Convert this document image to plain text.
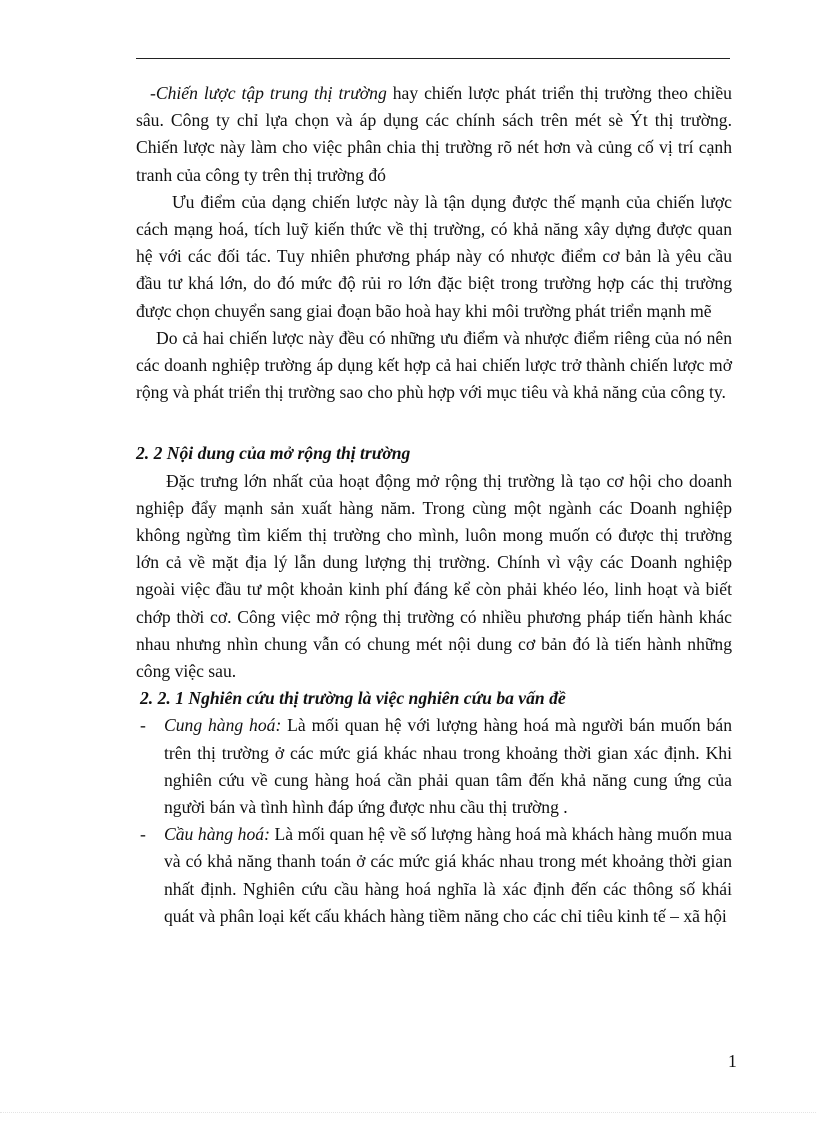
-Chiến lược tập trung thị trường hay chiến lược phát triển thị trường theo chiều sâu. Công ty chỉ lựa chọn và áp dụng các chính sách trên mét sè Ýt thị trường. Chiến lược này làm cho việc phân chia thị trường rõ nét hơn và củng cố vị trí cạnh tranh của công ty trên thị trường đó

Ưu điểm của dạng chiến lược này là tận dụng được thế mạnh của chiến lược cách mạng hoá, tích luỹ kiến thức về thị trường, có khả năng xây dựng được quan hệ với các đối tác. Tuy nhiên phương pháp này có nhược điểm cơ bản là yêu cầu đầu tư khá lớn, do đó mức độ rủi ro lớn đặc biệt trong trường hợp các thị trường được chọn chuyển sang giai đoạn bão hoà hay khi môi trường phát triển mạnh mẽ

Do cả hai chiến lược này đều có những ưu điểm và nhược điểm riêng của nó nên các doanh nghiệp trường áp dụng kết hợp cả hai chiến lược trở thành chiến lược mở rộng và phát triển thị trường sao cho phù hợp với mục tiêu và khả năng của công ty.

2. 2 Nội dung của mở rộng thị trường

Đặc trưng lớn nhất của hoạt động mở rộng thị trường là tạo cơ hội cho doanh nghiệp đẩy mạnh sản xuất hàng năm. Trong cùng một ngành các Doanh nghiệp không ngừng tìm kiếm thị trường cho mình, luôn mong muốn có được thị trường lớn cả về mặt địa lý lẫn dung lượng thị trường. Chính vì vậy các Doanh nghiệp ngoài việc đầu tư một khoản kinh phí đáng kể còn phải khéo léo, linh hoạt và biết chớp thời cơ. Công việc mở rộng thị trường có nhiều phương pháp tiến hành khác nhau nhưng nhìn chung vẫn có chung mét nội dung cơ bản đó là tiến hành những công việc sau.

2. 2. 1 Nghiên cứu thị trường là việc nghiên cứu ba vấn đề
- Cung hàng hoá: Là mối quan hệ với lượng hàng hoá mà người bán muốn bán trên thị trường ở các mức giá khác nhau trong khoảng thời gian xác định. Khi nghiên cứu về cung hàng hoá cần phải quan tâm đến khả năng cung ứng của người bán và tình hình đáp ứng được nhu cầu thị trường .
- Cầu hàng hoá: Là mối quan hệ về số lượng hàng hoá mà khách hàng muốn mua và có khả năng thanh toán ở các mức giá khác nhau trong mét khoảng thời gian nhất định. Nghiên cứu cầu hàng hoá nghĩa là xác định đến các thông số khái quát và phân loại kết cấu khách hàng tiềm năng cho các chỉ tiêu kinh tế – xã hội
1
